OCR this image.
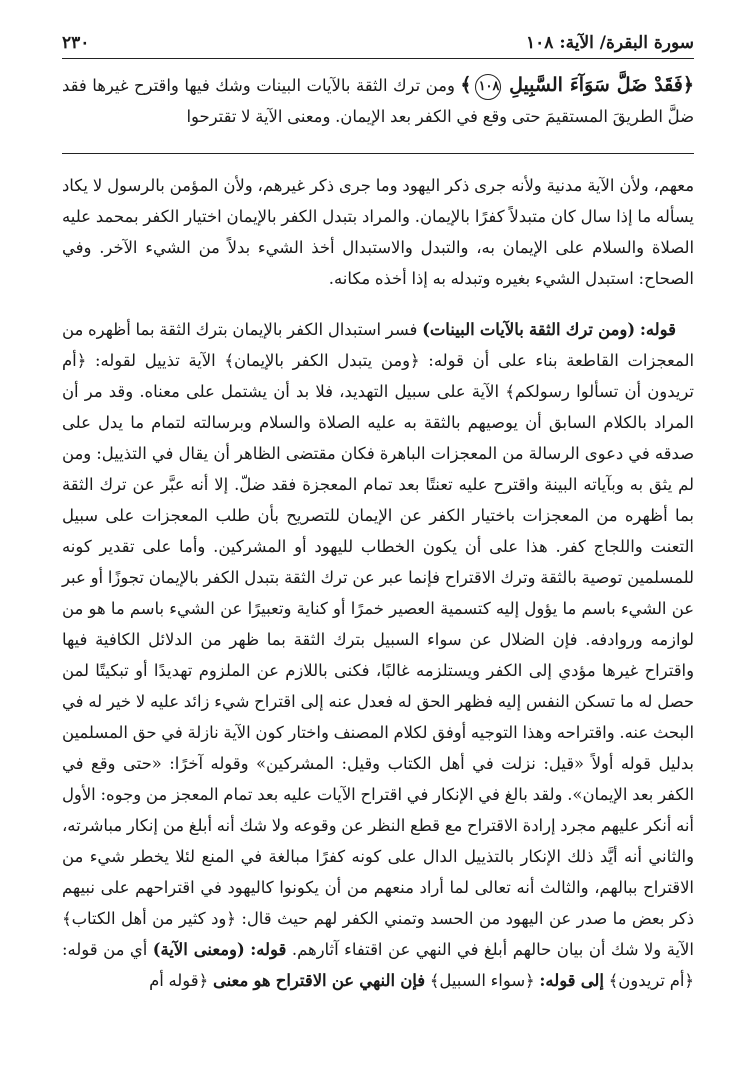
سورة البقرة/ الآية: ١٠٨
٢٣٠

﴿فَقَدْ ضَلَّ سَوَآءَ السَّبِيلِ ١٠٨﴾ ومن ترك الثقة بالآيات البينات وشك فيها واقترح غيرها فقد ضلَّ الطريقَ المستقيمَ حتى وقع في الكفر بعد الإيمان. ومعنى الآية لا تقترحوا

معهم، ولأن الآية مدنية ولأنه جرى ذكر اليهود وما جرى ذكر غيرهم، ولأن المؤمن بالرسول لا يكاد يسأله ما إذا سال كان متبدلاً كفرًا بالإيمان. والمراد بتبدل الكفر بالإيمان اختيار الكفر بمحمد عليه الصلاة والسلام على الإيمان به، والتبدل والاستبدال أخذ الشيء بدلاً من الشيء الآخر. وفي الصحاح: استبدل الشيء بغيره وتبدله به إذا أخذه مكانه.

قوله: (ومن ترك الثقة بالآيات البينات) فسر استبدال الكفر بالإيمان بترك الثقة بما أظهره من المعجزات القاطعة بناء على أن قوله: ﴿ومن يتبدل الكفر بالإيمان﴾ الآية تذييل لقوله: ﴿أم تريدون أن تسألوا رسولكم﴾ الآية على سبيل التهديد، فلا بد أن يشتمل على معناه. وقد مر أن المراد بالكلام السابق أن يوصيهم بالثقة به عليه الصلاة والسلام وبرسالته لتمام ما يدل على صدقه في دعوى الرسالة من المعجزات الباهرة فكان مقتضى الظاهر أن يقال في التذييل: ومن لم يثق به وبآياته البينة واقترح عليه تعنتًا بعد تمام المعجزة فقد ضلّ. إلا أنه عبَّر عن ترك الثقة بما أظهره من المعجزات باختيار الكفر عن الإيمان للتصريح بأن طلب المعجزات على سبيل التعنت واللجاج كفر. هذا على أن يكون الخطاب لليهود أو المشركين. وأما على تقدير كونه للمسلمين توصية بالثقة وترك الاقتراح فإنما عبر عن ترك الثقة بتبدل الكفر بالإيمان تجوزًا أو عبر عن الشيء باسم ما يؤول إليه كتسمية العصير خمرًا أو كناية وتعبيرًا عن الشيء باسم ما هو من لوازمه وروادفه. فإن الضلال عن سواء السبيل بترك الثقة بما ظهر من الدلائل الكافية فيها واقتراح غيرها مؤدي إلى الكفر ويستلزمه غالبًا، فكنى باللازم عن الملزوم تهديدًا أو تبكيتًا لمن حصل له ما تسكن النفس إليه فظهر الحق له فعدل عنه إلى اقتراح شيء زائد عليه لا خير له في البحث عنه. واقتراحه وهذا التوجيه أوفق لكلام المصنف واختار كون الآية نازلة في حق المسلمين بدليل قوله أولاً «قيل: نزلت في أهل الكتاب وقيل: المشركين» وقوله آخرًا: «حتى وقع في الكفر بعد الإيمان». ولقد بالغ في الإنكار في اقتراح الآيات عليه بعد تمام المعجز من وجوه: الأول أنه أنكر عليهم مجرد إرادة الاقتراح مع قطع النظر عن وقوعه ولا شك أنه أبلغ من إنكار مباشرته، والثاني أنه أيَّد ذلك الإنكار بالتذييل الدال على كونه كفرًا مبالغة في المنع لئلا يخطر شيء من الاقتراح ببالهم، والثالث أنه تعالى لما أراد منعهم من أن يكونوا كاليهود في اقتراحهم على نبيهم ذكر بعض ما صدر عن اليهود من الحسد وتمني الكفر لهم حيث قال: ﴿ود كثير من أهل الكتاب﴾ الآية ولا شك أن بيان حالهم أبلغ في النهي عن اقتفاء آثارهم. قوله: (ومعنى الآية) أي من قوله: ﴿أم تريدون﴾ إلى قوله: ﴿سواء السبيل﴾ فإن النهي عن الاقتراح هو معنى ﴿قوله أم
